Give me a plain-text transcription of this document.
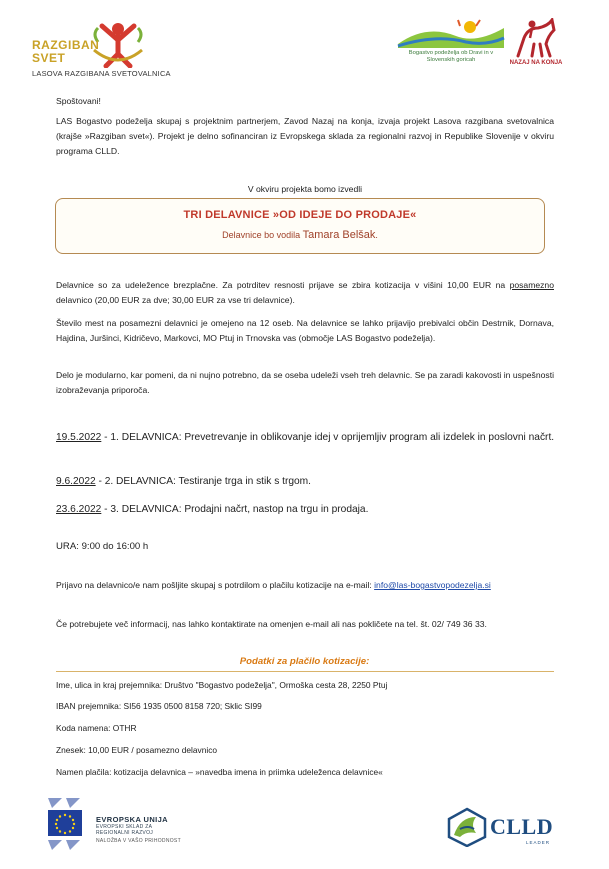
RAZGIBAN
SVET
LASOVA RAZGIBANA SVETOVALNICA
Bogastvo podeželja ob Dravi in v Slovenskih goricah	NAZAJ NA KONJA
Spoštovani!
LAS Bogastvo podeželja skupaj s projektnim partnerjem, Zavod Nazaj na konja, izvaja projekt Lasova razgibana svetovalnica (krajše »Razgiban svet«). Projekt je delno sofinanciran iz Evropskega sklada za regionalni razvoj in Republike Slovenije v okviru programa CLLD.
V okviru projekta bomo izvedli
TRI DELAVNICE »OD IDEJE DO PRODAJE«
Delavnice bo vodila Tamara Belšak.
Delavnice so za udeležence brezplačne. Za potrditev resnosti prijave se zbira kotizacija v višini 10,00 EUR na posamezno delavnico (20,00 EUR za dve; 30,00 EUR za vse tri delavnice).
Število mest na posamezni delavnici je omejeno na 12 oseb. Na delavnice se lahko prijavijo prebivalci občin Destrnik, Dornava, Hajdina, Juršinci, Kidričevo, Markovci, MO Ptuj in Trnovska vas (območje LAS Bogastvo podeželja).
Delo je modularno, kar pomeni, da ni nujno potrebno, da se oseba udeleži vseh treh delavnic. Se pa zaradi kakovosti in uspešnosti izobraževanja priporoča.
19.5.2022 - 1. DELAVNICA: Prevetrevanje in oblikovanje idej v oprijemljiv program ali izdelek in poslovni načrt.
9.6.2022 - 2. DELAVNICA: Testiranje trga in stik s trgom.
23.6.2022 - 3. DELAVNICA: Prodajni načrt, nastop na trgu in prodaja.
URA: 9:00 do 16:00 h
Prijavo na delavnico/e nam pošljite skupaj s potrdilom o plačilu kotizacije na e-mail: info@las-bogastvopodezelja.si
Če potrebujete več informacij, nas lahko kontaktirate na omenjen e-mail ali nas pokličete na tel. št. 02/ 749 36 33.
Podatki za plačilo kotizacije:
Ime, ulica in kraj prejemnika: Društvo "Bogastvo podeželja", Ormoška cesta 28, 2250 Ptuj
IBAN prejemnika: SI56 1935 0500 8158 720; Sklic SI99
Koda namena: OTHR
Znesek: 10,00 EUR / posamezno delavnico
Namen plačila: kotizacija delavnica – »navedba imena in priimka udeleženca delavnice«
EVROPSKA UNIJA
EVROPSKI SKLAD ZA
REGIONALNI RAZVOJ
NALOŽBA V VAŠO PRIHODNOST
CLLD
LEADER
